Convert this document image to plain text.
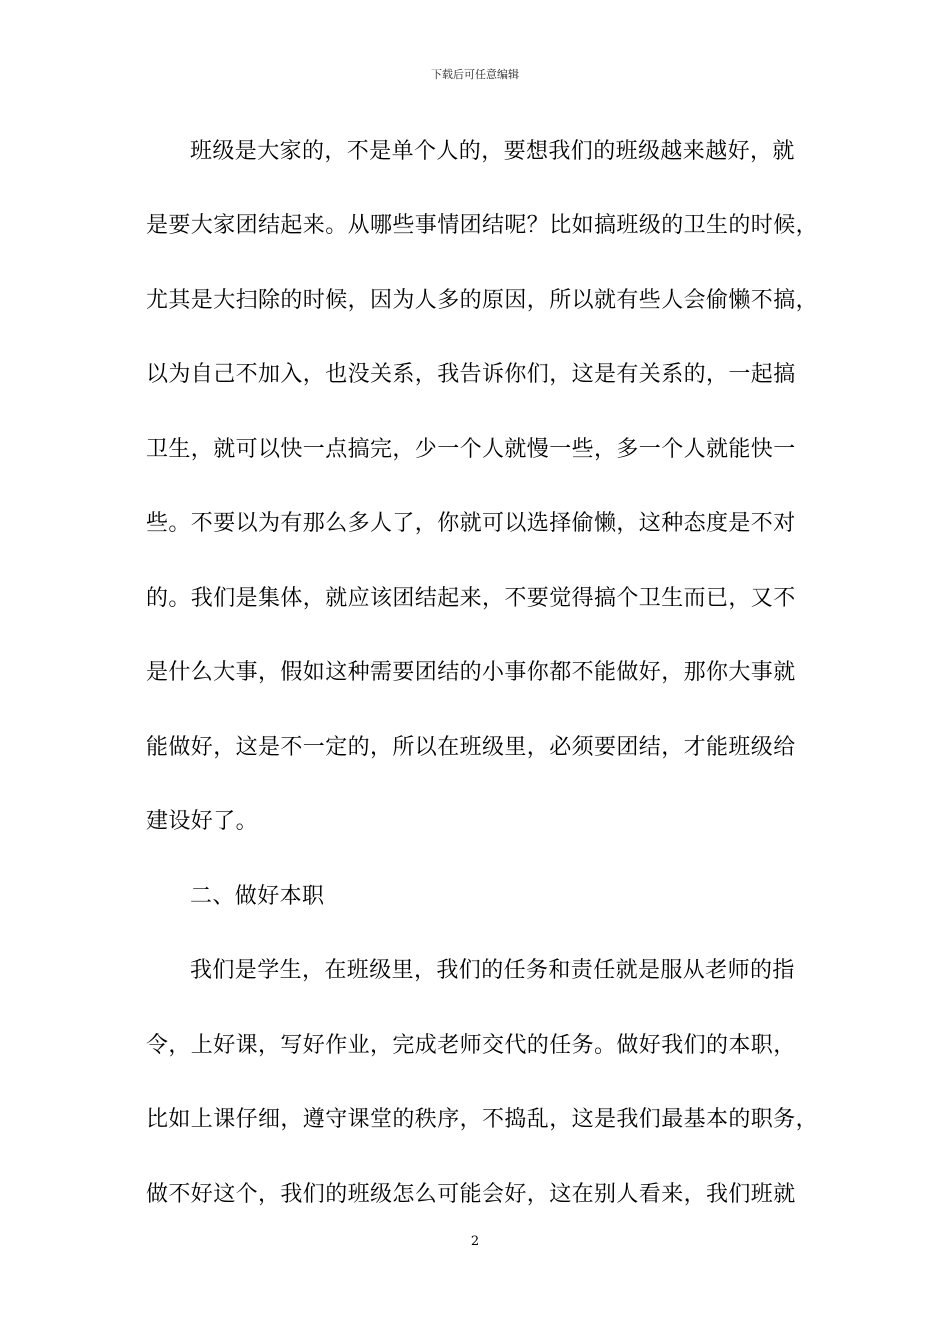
下载后可任意编辑
班级是大家的，不是单个人的，要想我们的班级越来越好，就
是要大家团结起来。从哪些事情团结呢？比如搞班级的卫生的时候，
尤其是大扫除的时候，因为人多的原因，所以就有些人会偷懒不搞，
以为自己不加入，也没关系，我告诉你们，这是有关系的，一起搞
卫生，就可以快一点搞完，少一个人就慢一些，多一个人就能快一
些。不要以为有那么多人了，你就可以选择偷懒，这种态度是不对
的。我们是集体，就应该团结起来，不要觉得搞个卫生而已，又不
是什么大事，假如这种需要团结的小事你都不能做好，那你大事就
能做好，这是不一定的，所以在班级里，必须要团结，才能班级给
建设好了。
二、做好本职
我们是学生，在班级里，我们的任务和责任就是服从老师的指
令，上好课，写好作业，完成老师交代的任务。做好我们的本职，
比如上课仔细，遵守课堂的秩序，不捣乱，这是我们最基本的职务，
做不好这个，我们的班级怎么可能会好，这在别人看来，我们班就
2
